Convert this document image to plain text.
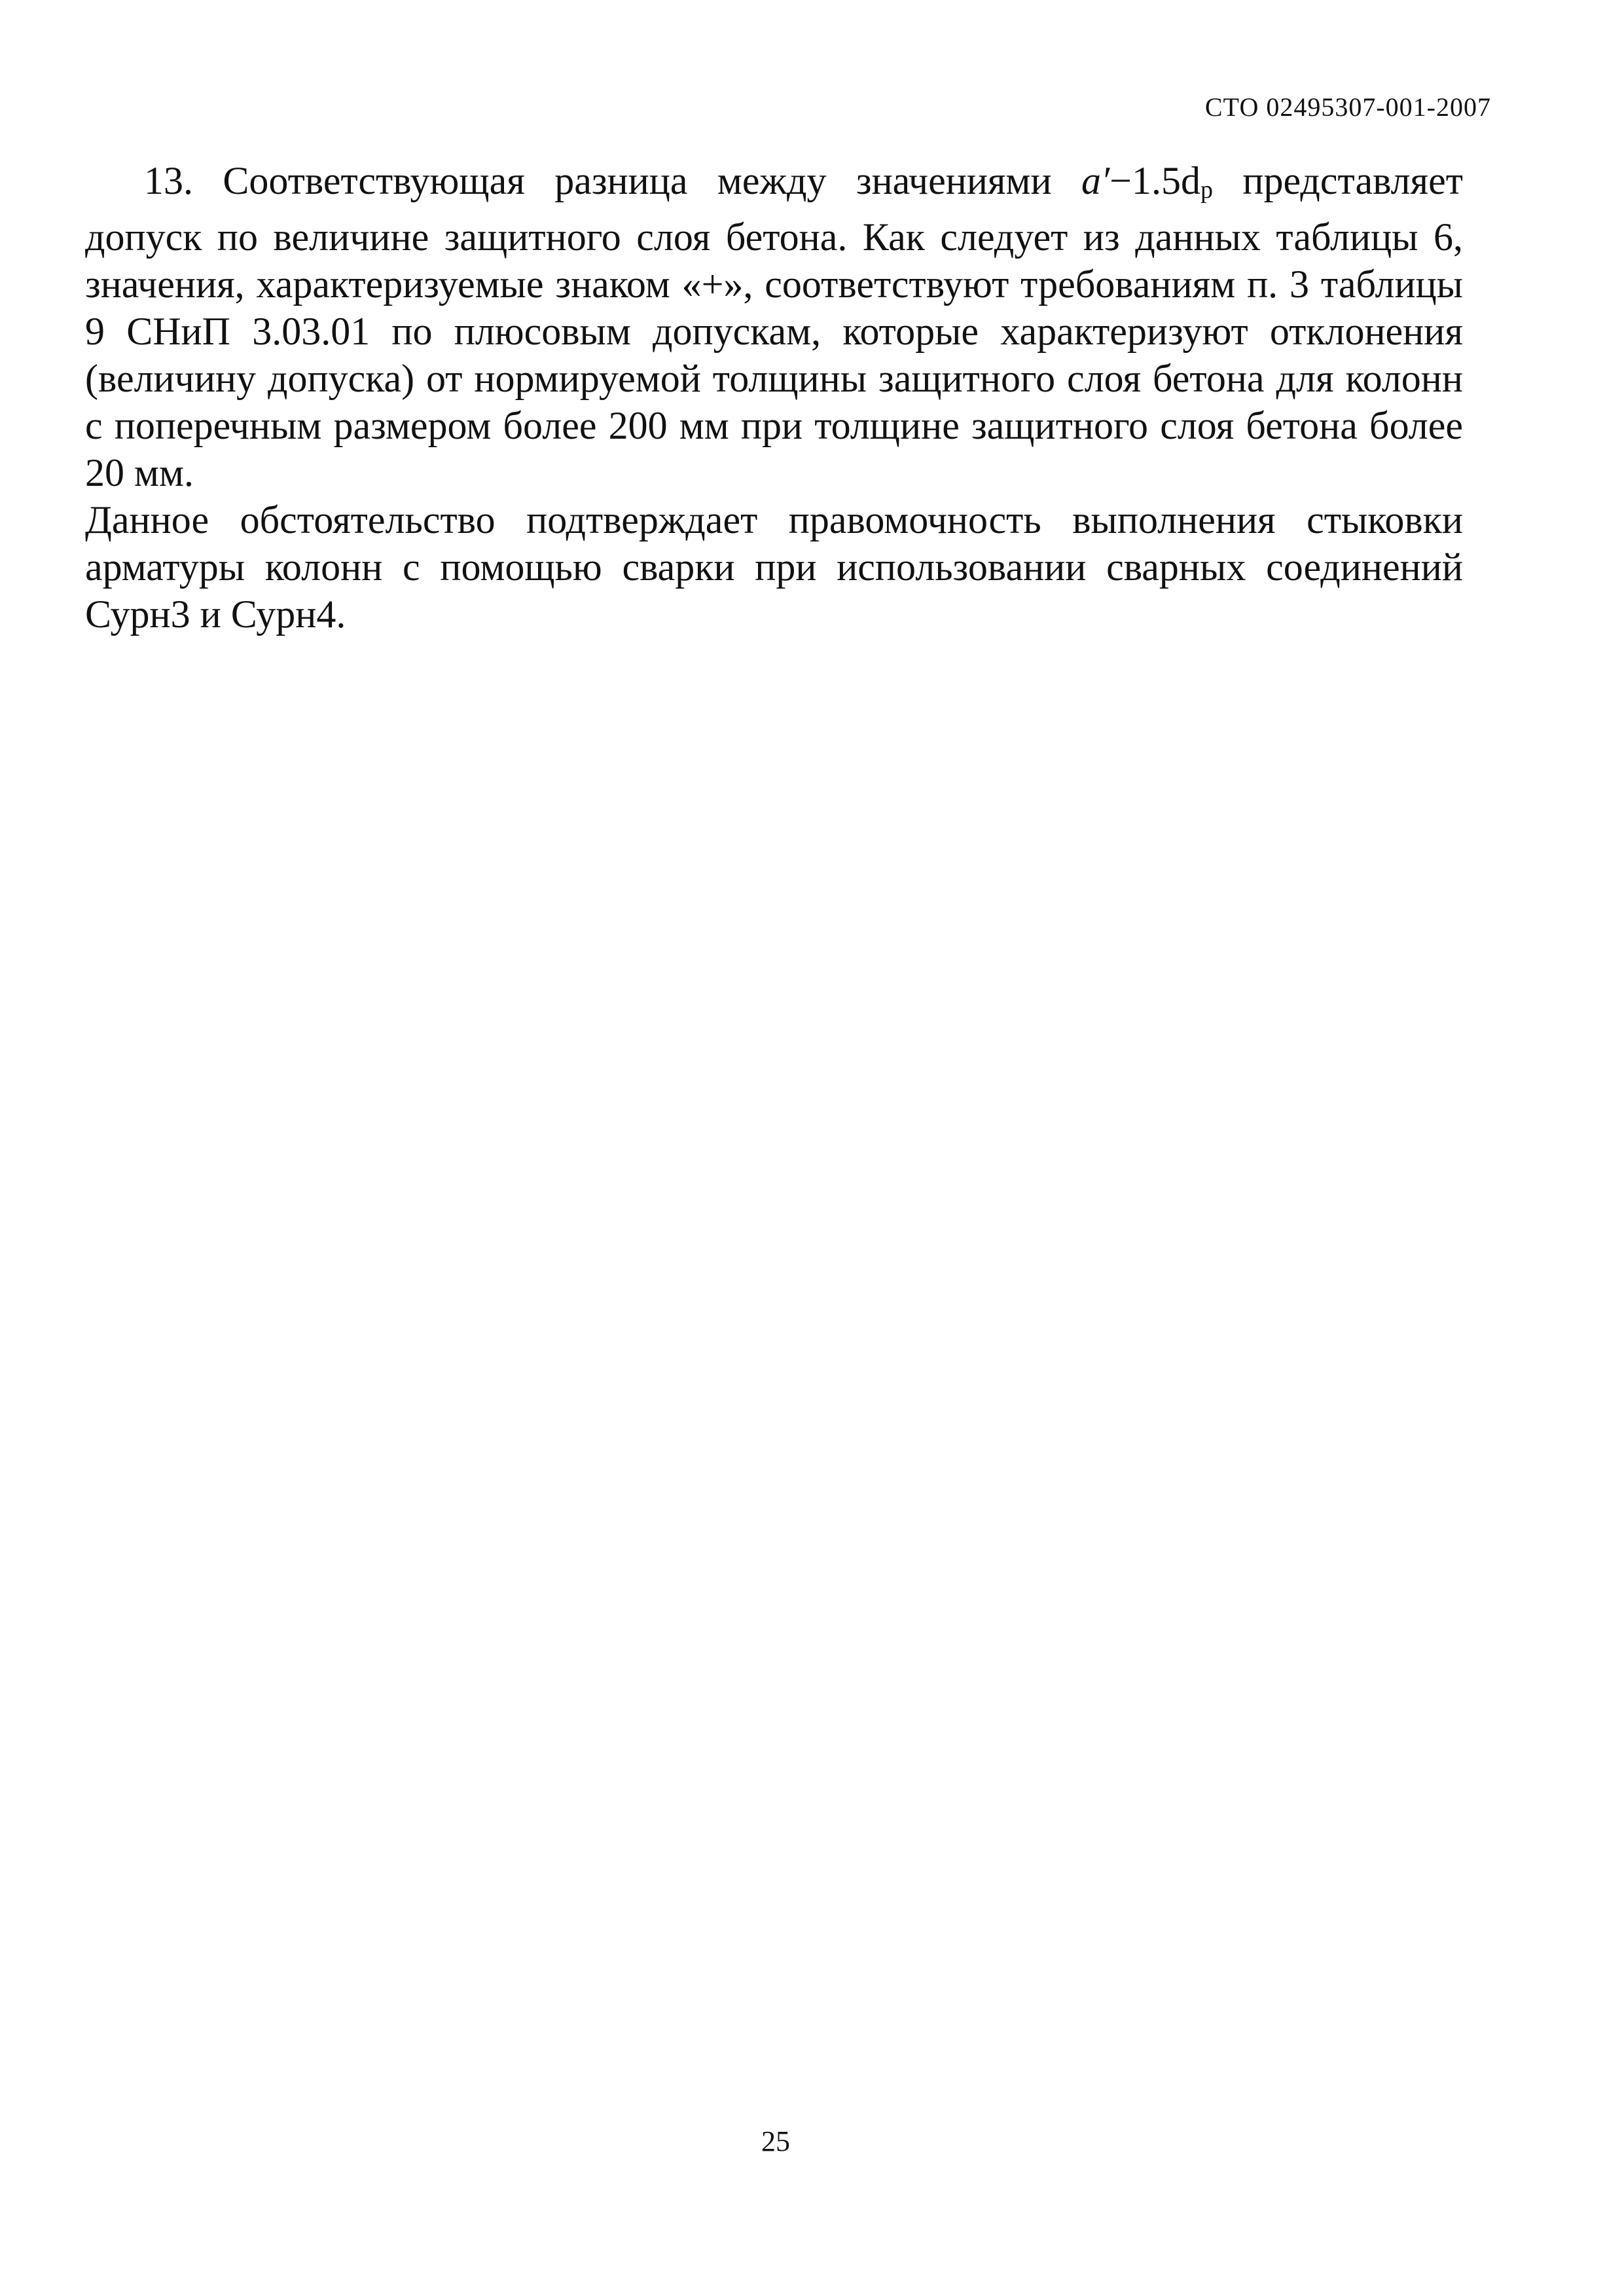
СТО 02495307-001-2007

13. Соответствующая разница между значениями a′−1.5dр представляет допуск по величине защитного слоя бетона. Как следует из данных таблицы 6, значения, характеризуемые знаком «+», соответствуют требованиям п. 3 таблицы 9 СНиП 3.03.01 по плюсовым допускам, которые характеризуют отклонения (величину допуска) от нормируемой толщины защитного слоя бетона для колонн с поперечным размером более 200 мм при толщине защитного слоя бетона более 20 мм.

Данное обстоятельство подтверждает правомочность выполнения стыковки арматуры колонн с помощью сварки при использовании сварных соединений Сурн3 и Сурн4.

25
